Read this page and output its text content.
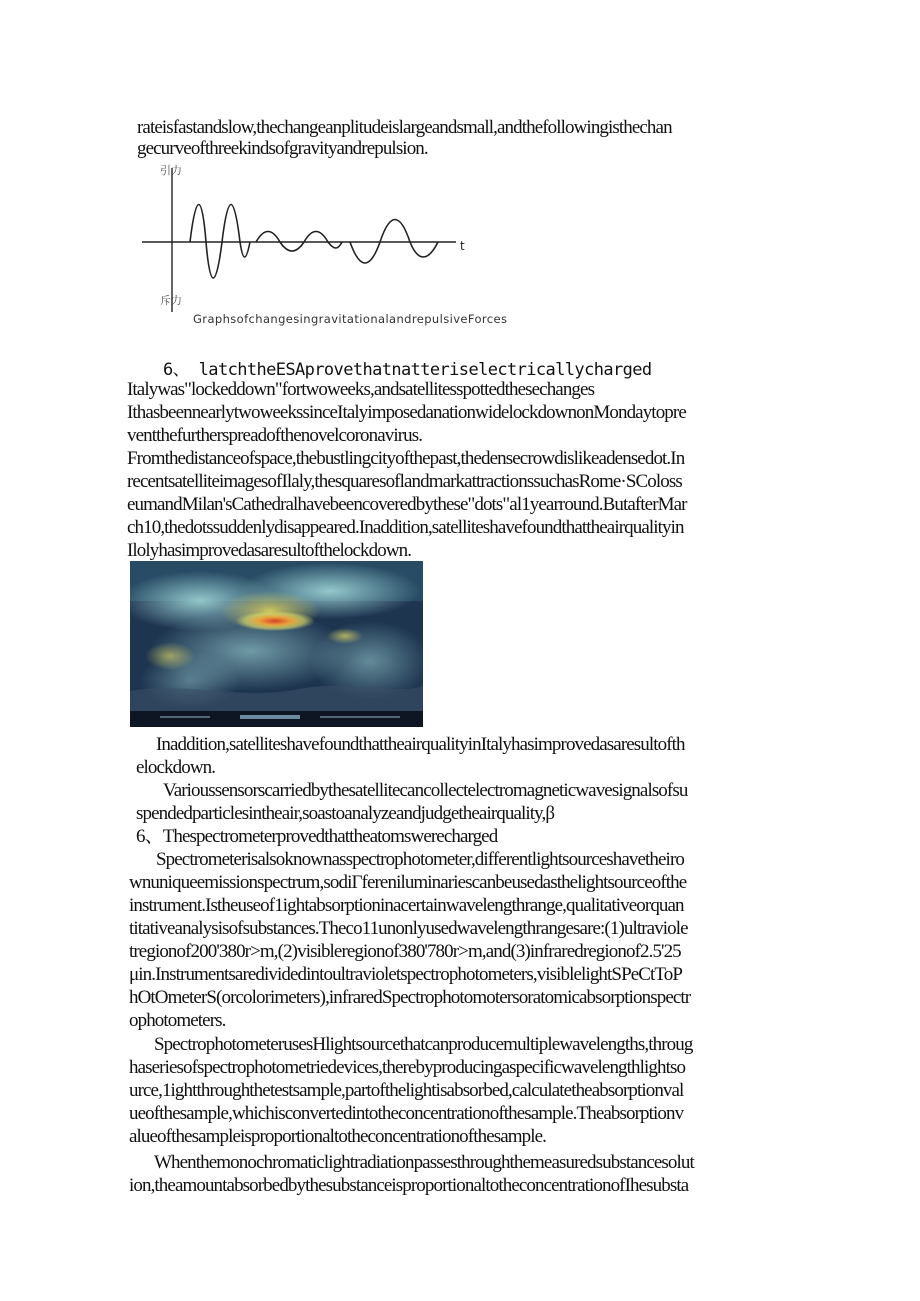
rateisfastandslow,thechangeanplitudeislargeandsmall,andthefollowingisthechan
gecurveofthreekindsofgravityandrepulsion.
引力
斥力
t
GraphsofchangesingravitationalandrepulsiveForces
6、 latchtheESAprovethatnatteriselectricallycharged
Italywas"lockeddown"fortwoweeks,andsatellitesspottedthesechanges
IthasbeennearlytwoweekssinceItalyimposedanationwidelockdownonMondaytopre
ventthefurtherspreadofthenovelcoronavirus.
Fromthedistanceofspace,thebustlingcityofthepast,thedensecrowdislikeadensedot.In
recentsatelliteimagesofIlaly,thesquaresoflandmarkattractionssuchasRome·SColoss
eumandMilan'sCathedralhavebeencoveredbythese"dots"al1yearround.ButafterMar
ch10,thedotssuddenlydisappeared.Inaddition,satelliteshavefoundthattheairqualityin
Ilolyhasimprovedasaresultofthelockdown.
Inaddition,satelliteshavefoundthattheairqualityinItalyhasimprovedasaresultofth
elockdown.
Varioussensorscarriedbythesatellitecancollectelectromagneticwavesignalsofsu
spendedparticlesintheair,soastoanalyzeandjudgetheairquality,β
6、Thespectrometerprovedthattheatomswerecharged
Spectrometerisalsoknownasspectrophotometer,differentlightsourceshavetheiro
wnuniqueemissionspectrum,sodiΓfereniluminariescanbeusedasthelightsourceofthe
instrument.Istheuseof1ightabsorptioninacertainwavelengthrange,qualitativeorquan
titativeanalysisofsubstances.Theco11unonlyusedwavelengthrangesare:(1)ultraviole
tregionof200'380r>m,(2)visibleregionof380'780r>m,and(3)infraredregionof2.5'25
μin.Instrumentsaredividedintoultravioletspectrophotometers,visiblelightSPeCtToP
hOtOmeterS(orcolorimeters),infraredSpectrophotomotersoratomicabsorptionspectr
ophotometers.
SpectrophotometerusesHlightsourcethatcanproducemultiplewavelengths,throug
haseriesofspectrophotometriedevices,therebyproducingaspecificwavelengthlightso
urce,1ightthroughthetestsample,partofthelightisabsorbed,calculatetheabsorptionval
ueofthesample,whichisconvertedintotheconcentrationofthesample.Theabsorptionv
alueofthesampleisproportionaltotheconcentrationofthesample.
Whenthemonochromaticlightradiationpassesthroughthemeasuredsubstancesolut
ion,theamountabsorbedbythesubstanceisproportionaltotheconcentrationofIhesubsta
